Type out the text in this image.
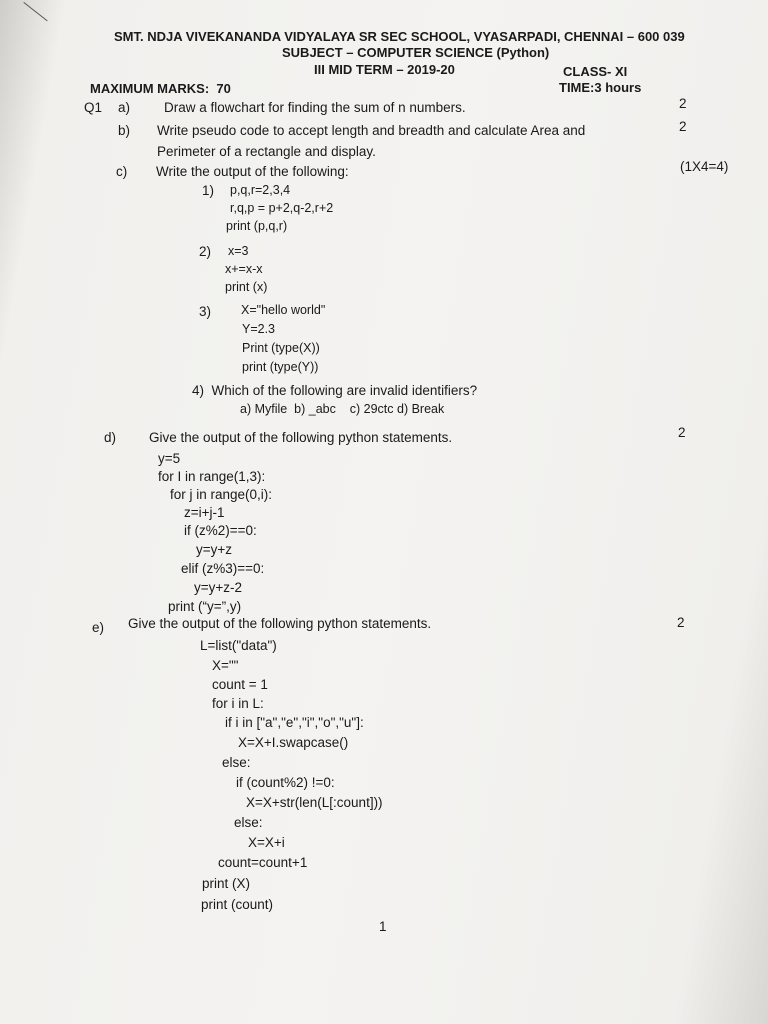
SMT. NDJA VIVEKANANDA VIDYALAYA SR SEC SCHOOL, VYASARPADI, CHENNAI – 600 039
SUBJECT – COMPUTER SCIENCE (Python)
III MID TERM – 2019-20	CLASS- XI
MAXIMUM MARKS:  70	TIME:3 hours
Q1 a)	Draw a flowchart for finding the sum of n numbers.	2
b) Write pseudo code to accept length and breadth and calculate Area and
Perimeter of a rectangle and display.
2
c) Write the output of the following:	(1X4=4)
1) p,q,r=2,3,4
r,q,p = p+2,q-2,r+2
print (p,q,r)
2) x=3
x+=x-x
print (x)
3) X="hello world"
Y=2.3
Print (type(X))
print (type(Y))
4)  Which of the following are invalid identifiers?
a) Myfile  b) _abc    c) 29ctc d) Break
d) Give the output of the following python statements.	2
y=5
for I in range(1,3):
for j in range(0,i):
z=i+j-1
if (z%2)==0:
y=y+z
elif (z%3)==0:
y=y+z-2
print (“y=”,y)
e) Give the output of the following python statements.	2
L=list("data")
X=""
count = 1
for i in L:
if i in ["a","e","i","o","u"]:
X=X+I.swapcase()
else:
if (count%2) !=0:
X=X+str(len(L[:count]))
else:
X=X+i
count=count+1
print (X)
print (count)
1
